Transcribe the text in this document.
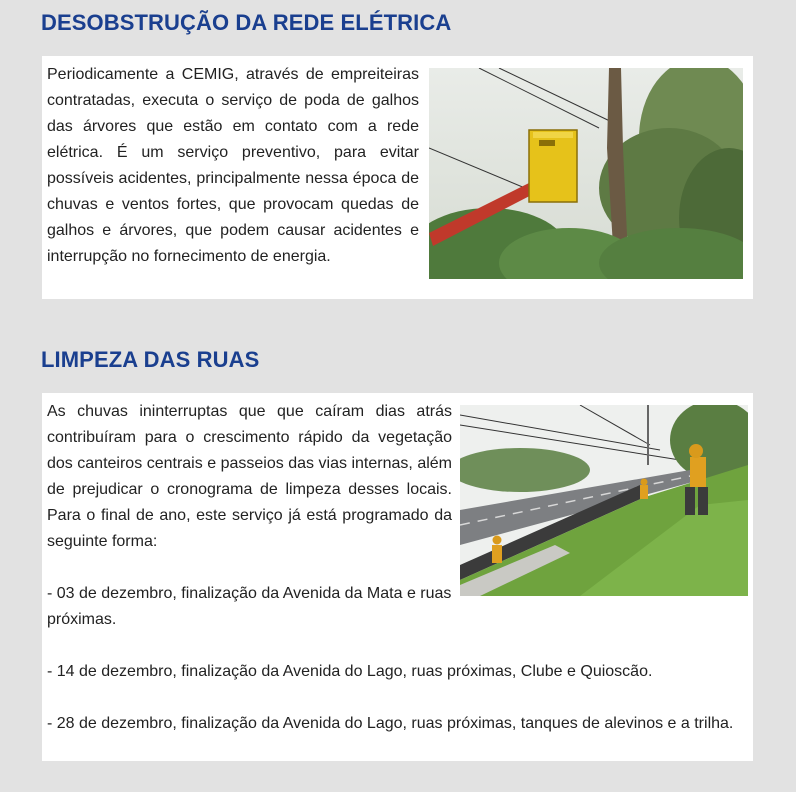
DESOBSTRUÇÃO DA REDE ELÉTRICA

Periodicamente a CEMIG, através de empreiteiras contratadas, executa o serviço de poda de galhos das árvores que estão em contato com a rede elétrica. É um serviço preventivo, para evitar possíveis acidentes, principalmente nessa época de chuvas e ventos fortes, que provocam quedas de galhos e árvores, que podem causar acidentes e interrupção no fornecimento de energia.

LIMPEZA DAS RUAS

As chuvas ininterruptas que que caíram dias atrás contribuíram para o crescimento rápido da vegetação dos canteiros centrais e passeios das vias internas, além de prejudicar o cronograma de limpeza desses locais. Para o final de ano, este serviço já está programado da seguinte forma:

- 03 de dezembro, finalização da Avenida da Mata e ruas próximas.

- 14 de dezembro, finalização da Avenida do Lago, ruas próximas, Clube e Quioscão.

- 28 de dezembro, finalização da Avenida do Lago, ruas próximas, tanques de alevinos e a trilha.
